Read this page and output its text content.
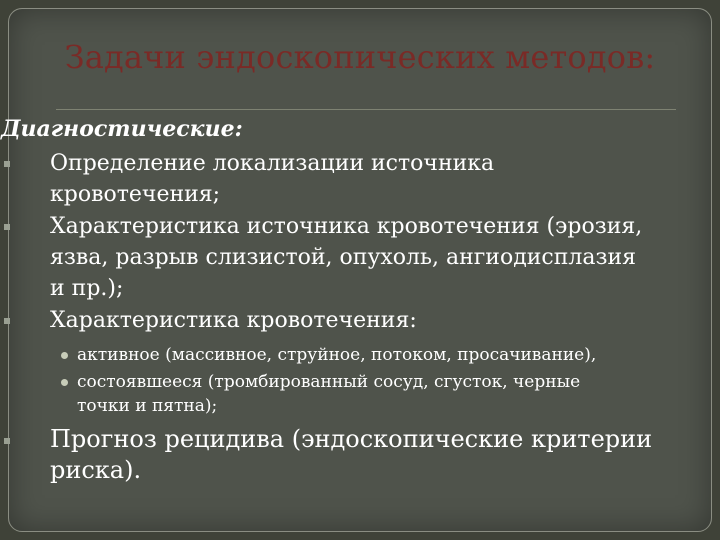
Задачи эндоскопических методов:
Диагностические:
Определение локализации источника
кровотечения;
Характеристика источника кровотечения (эрозия,
язва, разрыв слизистой, опухоль, ангиодисплазия
и пр.);
Характеристика кровотечения:
активное (массивное, струйное, потоком, просачивание),
состоявшееся (тромбированный сосуд, сгусток, черные
точки и пятна);
Прогноз рецидива (эндоскопические критерии
риска).
